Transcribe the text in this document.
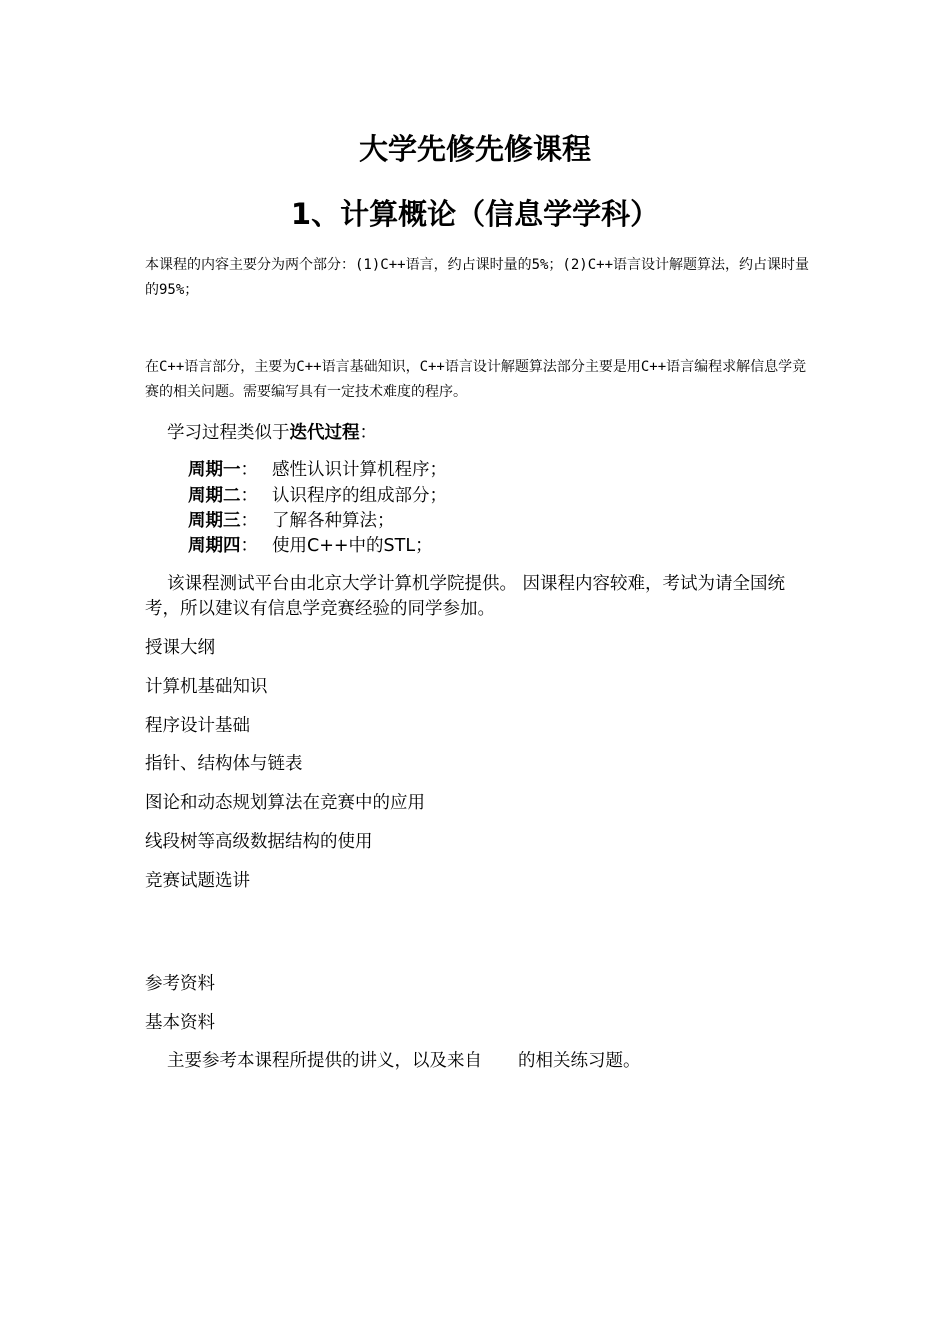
大学先修先修课程
1、计算概论（信息学学科）

本课程的内容主要分为两个部分：(1)C++语言，约占课时量的5%；(2)C++语言设计解题算法，约占课时量的95%；

在C++语言部分，主要为C++语言基础知识，C++语言设计解题算法部分主要是用C++语言编程求解信息学竞赛的相关问题。需要编写具有一定技术难度的程序。

学习过程类似于迭代过程：
周期一： 感性认识计算机程序；
周期二： 认识程序的组成部分；
周期三： 了解各种算法；
周期四： 使用C++中的STL；

该课程测试平台由北京大学计算机学院提供。 因课程内容较难，考试为请全国统考，所以建议有信息学竞赛经验的同学参加。

授课大纲
计算机基础知识
程序设计基础
指针、结构体与链表
图论和动态规划算法在竞赛中的应用
线段树等高级数据结构的使用
竞赛试题选讲
参考资料
基本资料
主要参考本课程所提供的讲义，以及来自 的相关练习题。
